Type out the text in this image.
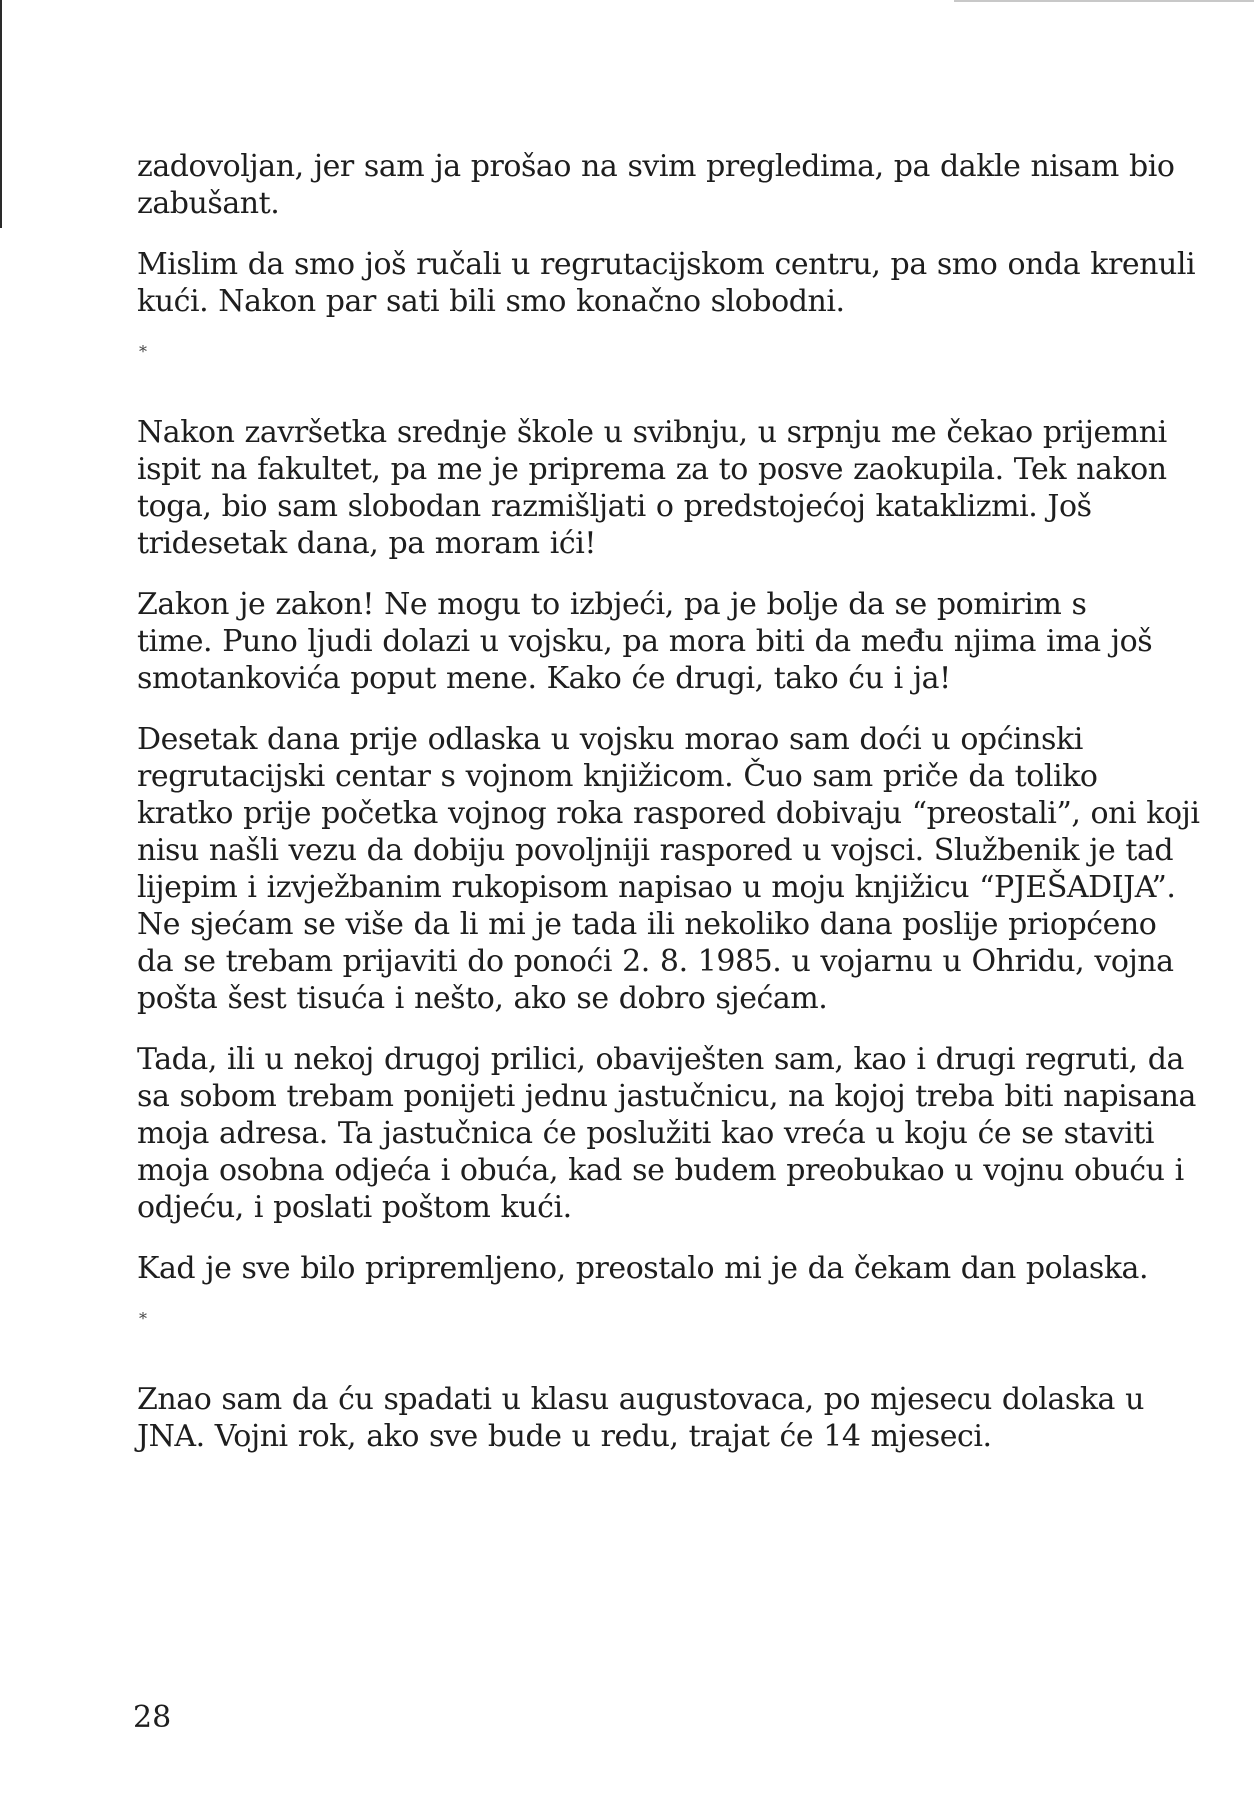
zadovoljan, jer sam ja prošao na svim pregledima, pa dakle nisam bio
zabušant.

Mislim da smo još ručali u regrutacijskom centru, pa smo onda krenuli
kući. Nakon par sati bili smo konačno slobodni.

*

Nakon završetka srednje škole u svibnju, u srpnju me čekao prijemni
ispit na fakultet, pa me je priprema za to posve zaokupila. Tek nakon
toga, bio sam slobodan razmišljati o predstojećoj kataklizmi. Još
tridesetak dana, pa moram ići!

Zakon je zakon! Ne mogu to izbjeći, pa je bolje da se pomirim s
time. Puno ljudi dolazi u vojsku, pa mora biti da među njima ima još
smotankovića poput mene. Kako će drugi, tako ću i ja!

Desetak dana prije odlaska u vojsku morao sam doći u općinski
regrutacijski centar s vojnom knjižicom. Čuo sam priče da toliko
kratko prije početka vojnog roka raspored dobivaju “preostali”, oni koji
nisu našli vezu da dobiju povoljniji raspored u vojsci. Službenik je tad
lijepim i izvježbanim rukopisom napisao u moju knjižicu “PJEŠADIJA”.
Ne sjećam se više da li mi je tada ili nekoliko dana poslije priopćeno
da se trebam prijaviti do ponoći 2. 8. 1985. u vojarnu u Ohridu, vojna
pošta šest tisuća i nešto, ako se dobro sjećam.

Tada, ili u nekoj drugoj prilici, obaviješten sam, kao i drugi regruti, da
sa sobom trebam ponijeti jednu jastučnicu, na kojoj treba biti napisana
moja adresa. Ta jastučnica će poslužiti kao vreća u koju će se staviti
moja osobna odjeća i obuća, kad se budem preobukao u vojnu obuću i
odjeću, i poslati poštom kući.

Kad je sve bilo pripremljeno, preostalo mi je da čekam dan polaska.

*

Znao sam da ću spadati u klasu augustovaca, po mjesecu dolaska u
JNA. Vojni rok, ako sve bude u redu, trajat će 14 mjeseci.

28
